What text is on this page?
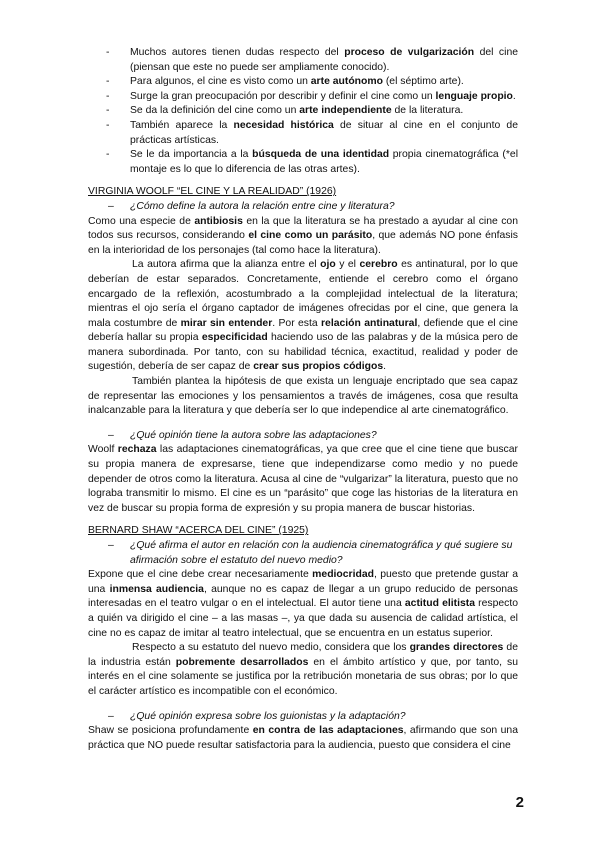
- Muchos autores tienen dudas respecto del proceso de vulgarización del cine (piensan que este no puede ser ampliamente conocido).
- Para algunos, el cine es visto como un arte autónomo (el séptimo arte).
- Surge la gran preocupación por describir y definir el cine como un lenguaje propio.
- Se da la definición del cine como un arte independiente de la literatura.
- También aparece la necesidad histórica de situar al cine en el conjunto de prácticas artísticas.
- Se le da importancia a la búsqueda de una identidad propia cinematográfica (*el montaje es lo que lo diferencia de las otras artes).
VIRGINIA WOOLF “EL CINE Y LA REALIDAD” (1926)
– ¿Cómo define la autora la relación entre cine y literatura?

Como una especie de antibiosis en la que la literatura se ha prestado a ayudar al cine con todos sus recursos, considerando el cine como un parásito, que además NO pone énfasis en la interioridad de los personajes (tal como hace la literatura).

La autora afirma que la alianza entre el ojo y el cerebro es antinatural, por lo que deberían de estar separados. Concretamente, entiende el cerebro como el órgano encargado de la reflexión, acostumbrado a la complejidad intelectual de la literatura; mientras el ojo sería el órgano captador de imágenes ofrecidas por el cine, que genera la mala costumbre de mirar sin entender. Por esta relación antinatural, defiende que el cine debería hallar su propia especificidad haciendo uso de las palabras y de la música pero de manera subordinada. Por tanto, con su habilidad técnica, exactitud, realidad y poder de sugestión, debería de ser capaz de crear sus propios códigos.

También plantea la hipótesis de que exista un lenguaje encriptado que sea capaz de representar las emociones y los pensamientos a través de imágenes, cosa que resulta inalcanzable para la literatura y que debería ser lo que independice al arte cinematográfico.

– ¿Qué opinión tiene la autora sobre las adaptaciones?

Woolf rechaza las adaptaciones cinematográficas, ya que cree que el cine tiene que buscar su propia manera de expresarse, tiene que independizarse como medio y no puede depender de otros como la literatura. Acusa al cine de “vulgarizar” la literatura, puesto que no lograba transmitir lo mismo. El cine es un “parásito” que coge las historias de la literatura en vez de buscar su propia forma de expresión y su propia manera de buscar historias.

BERNARD SHAW “ACERCA DEL CINE” (1925)
– ¿Qué afirma el autor en relación con la audiencia cinematográfica y qué sugiere su afirmación sobre el estatuto del nuevo medio?

Expone que el cine debe crear necesariamente mediocridad, puesto que pretende gustar a una inmensa audiencia, aunque no es capaz de llegar a un grupo reducido de personas interesadas en el teatro vulgar o en el intelectual. El autor tiene una actitud elitista respecto a quién va dirigido el cine – a las masas –, ya que dada su ausencia de calidad artística, el cine no es capaz de imitar al teatro intelectual, que se encuentra en un estatus superior.

Respecto a su estatuto del nuevo medio, considera que los grandes directores de la industria están pobremente desarrollados en el ámbito artístico y que, por tanto, su interés en el cine solamente se justifica por la retribución monetaria de sus obras; por lo que el carácter artístico es incompatible con el económico.

– ¿Qué opinión expresa sobre los guionistas y la adaptación?

Shaw se posiciona profundamente en contra de las adaptaciones, afirmando que son una práctica que NO puede resultar satisfactoria para la audiencia, puesto que considera el cine

2
